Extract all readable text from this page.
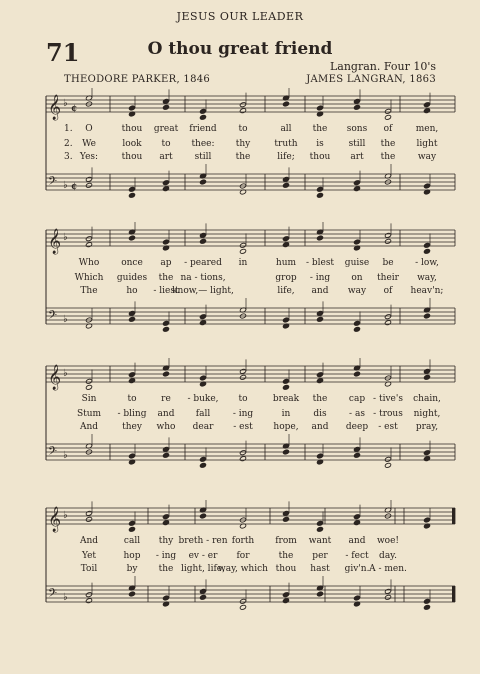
JESUS OUR LEADER
71	O thou great friend
Langran. Four 10's
THEODORE PARKER, 1846	JAMES LANGRAN, 1863
𝄞 ♭ ¢
𝄢 ♭ ¢
1. O	thou great friend to	all the sons of	men,
2. We	look to thee: thy	truth is	still the light
3. Yes:	thou art still	the	life; thou art the	way
𝄞 ♭
𝄢 ♭
Who once ap - peared in	hum - blest guise be - low,
Which guides the na - tions,	grop - ing on their way,
The	ho - liest
know,— light,	life, and way of heav'n;
𝄞 ♭
𝄢 ♭
Sin	to	re - buke, to	break the cap - tive's chain,
Stum - bling and fall	- ing	in	dis - as - trous night,
And	they who dear - est hope, and deep - est pray,
𝄞 ♭
𝄢 ♭
And	call thy breth - ren forth from want and woe!
Yet	hop - ing ev - er for	the per - fect day.
Toil	by the light, life,
way, which thou hast giv'n. A - men.
